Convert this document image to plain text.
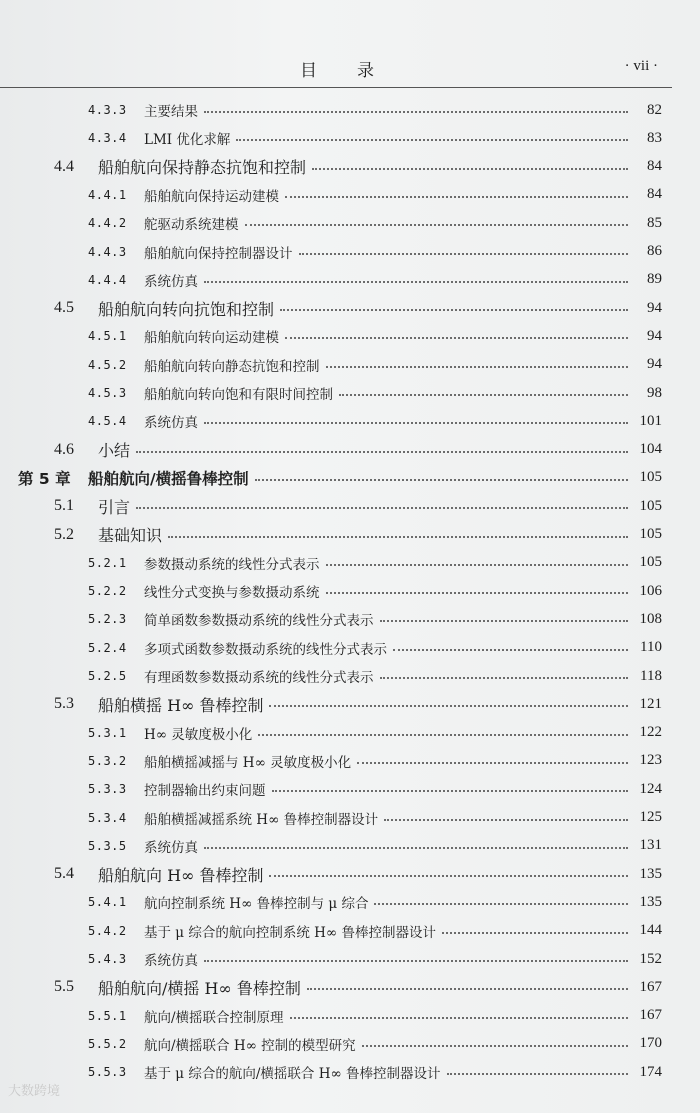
目　　录	· vii ·
4.3.3	主要结果	82
4.3.4	LMI 优化求解	83
4.4	船舶航向保持静态抗饱和控制	84
4.4.1	船舶航向保持运动建模	84
4.4.2	舵驱动系统建模	85
4.4.3	船舶航向保持控制器设计	86
4.4.4	系统仿真	89
4.5	船舶航向转向抗饱和控制	94
4.5.1	船舶航向转向运动建模	94
4.5.2	船舶航向转向静态抗饱和控制	94
4.5.3	船舶航向转向饱和有限时间控制	98
4.5.4	系统仿真	101
4.6	小结	104
第 5 章	船舶航向/横摇鲁棒控制	105
5.1	引言	105
5.2	基础知识	105
5.2.1	参数摄动系统的线性分式表示	105
5.2.2	线性分式变换与参数摄动系统	106
5.2.3	简单函数参数摄动系统的线性分式表示	108
5.2.4	多项式函数参数摄动系统的线性分式表示	110
5.2.5	有理函数参数摄动系统的线性分式表示	118
5.3	船舶横摇 H∞ 鲁棒控制	121
5.3.1	H∞ 灵敏度极小化	122
5.3.2	船舶横摇减摇与 H∞ 灵敏度极小化	123
5.3.3	控制器输出约束问题	124
5.3.4	船舶横摇减摇系统 H∞ 鲁棒控制器设计	125
5.3.5	系统仿真	131
5.4	船舶航向 H∞ 鲁棒控制	135
5.4.1	航向控制系统 H∞ 鲁棒控制与 μ 综合	135
5.4.2	基于 μ 综合的航向控制系统 H∞ 鲁棒控制器设计	144
5.4.3	系统仿真	152
5.5	船舶航向/横摇 H∞ 鲁棒控制	167
5.5.1	航向/横摇联合控制原理	167
5.5.2	航向/横摇联合 H∞ 控制的模型研究	170
5.5.3	基于 μ 综合的航向/横摇联合 H∞ 鲁棒控制器设计	174
大数跨境
